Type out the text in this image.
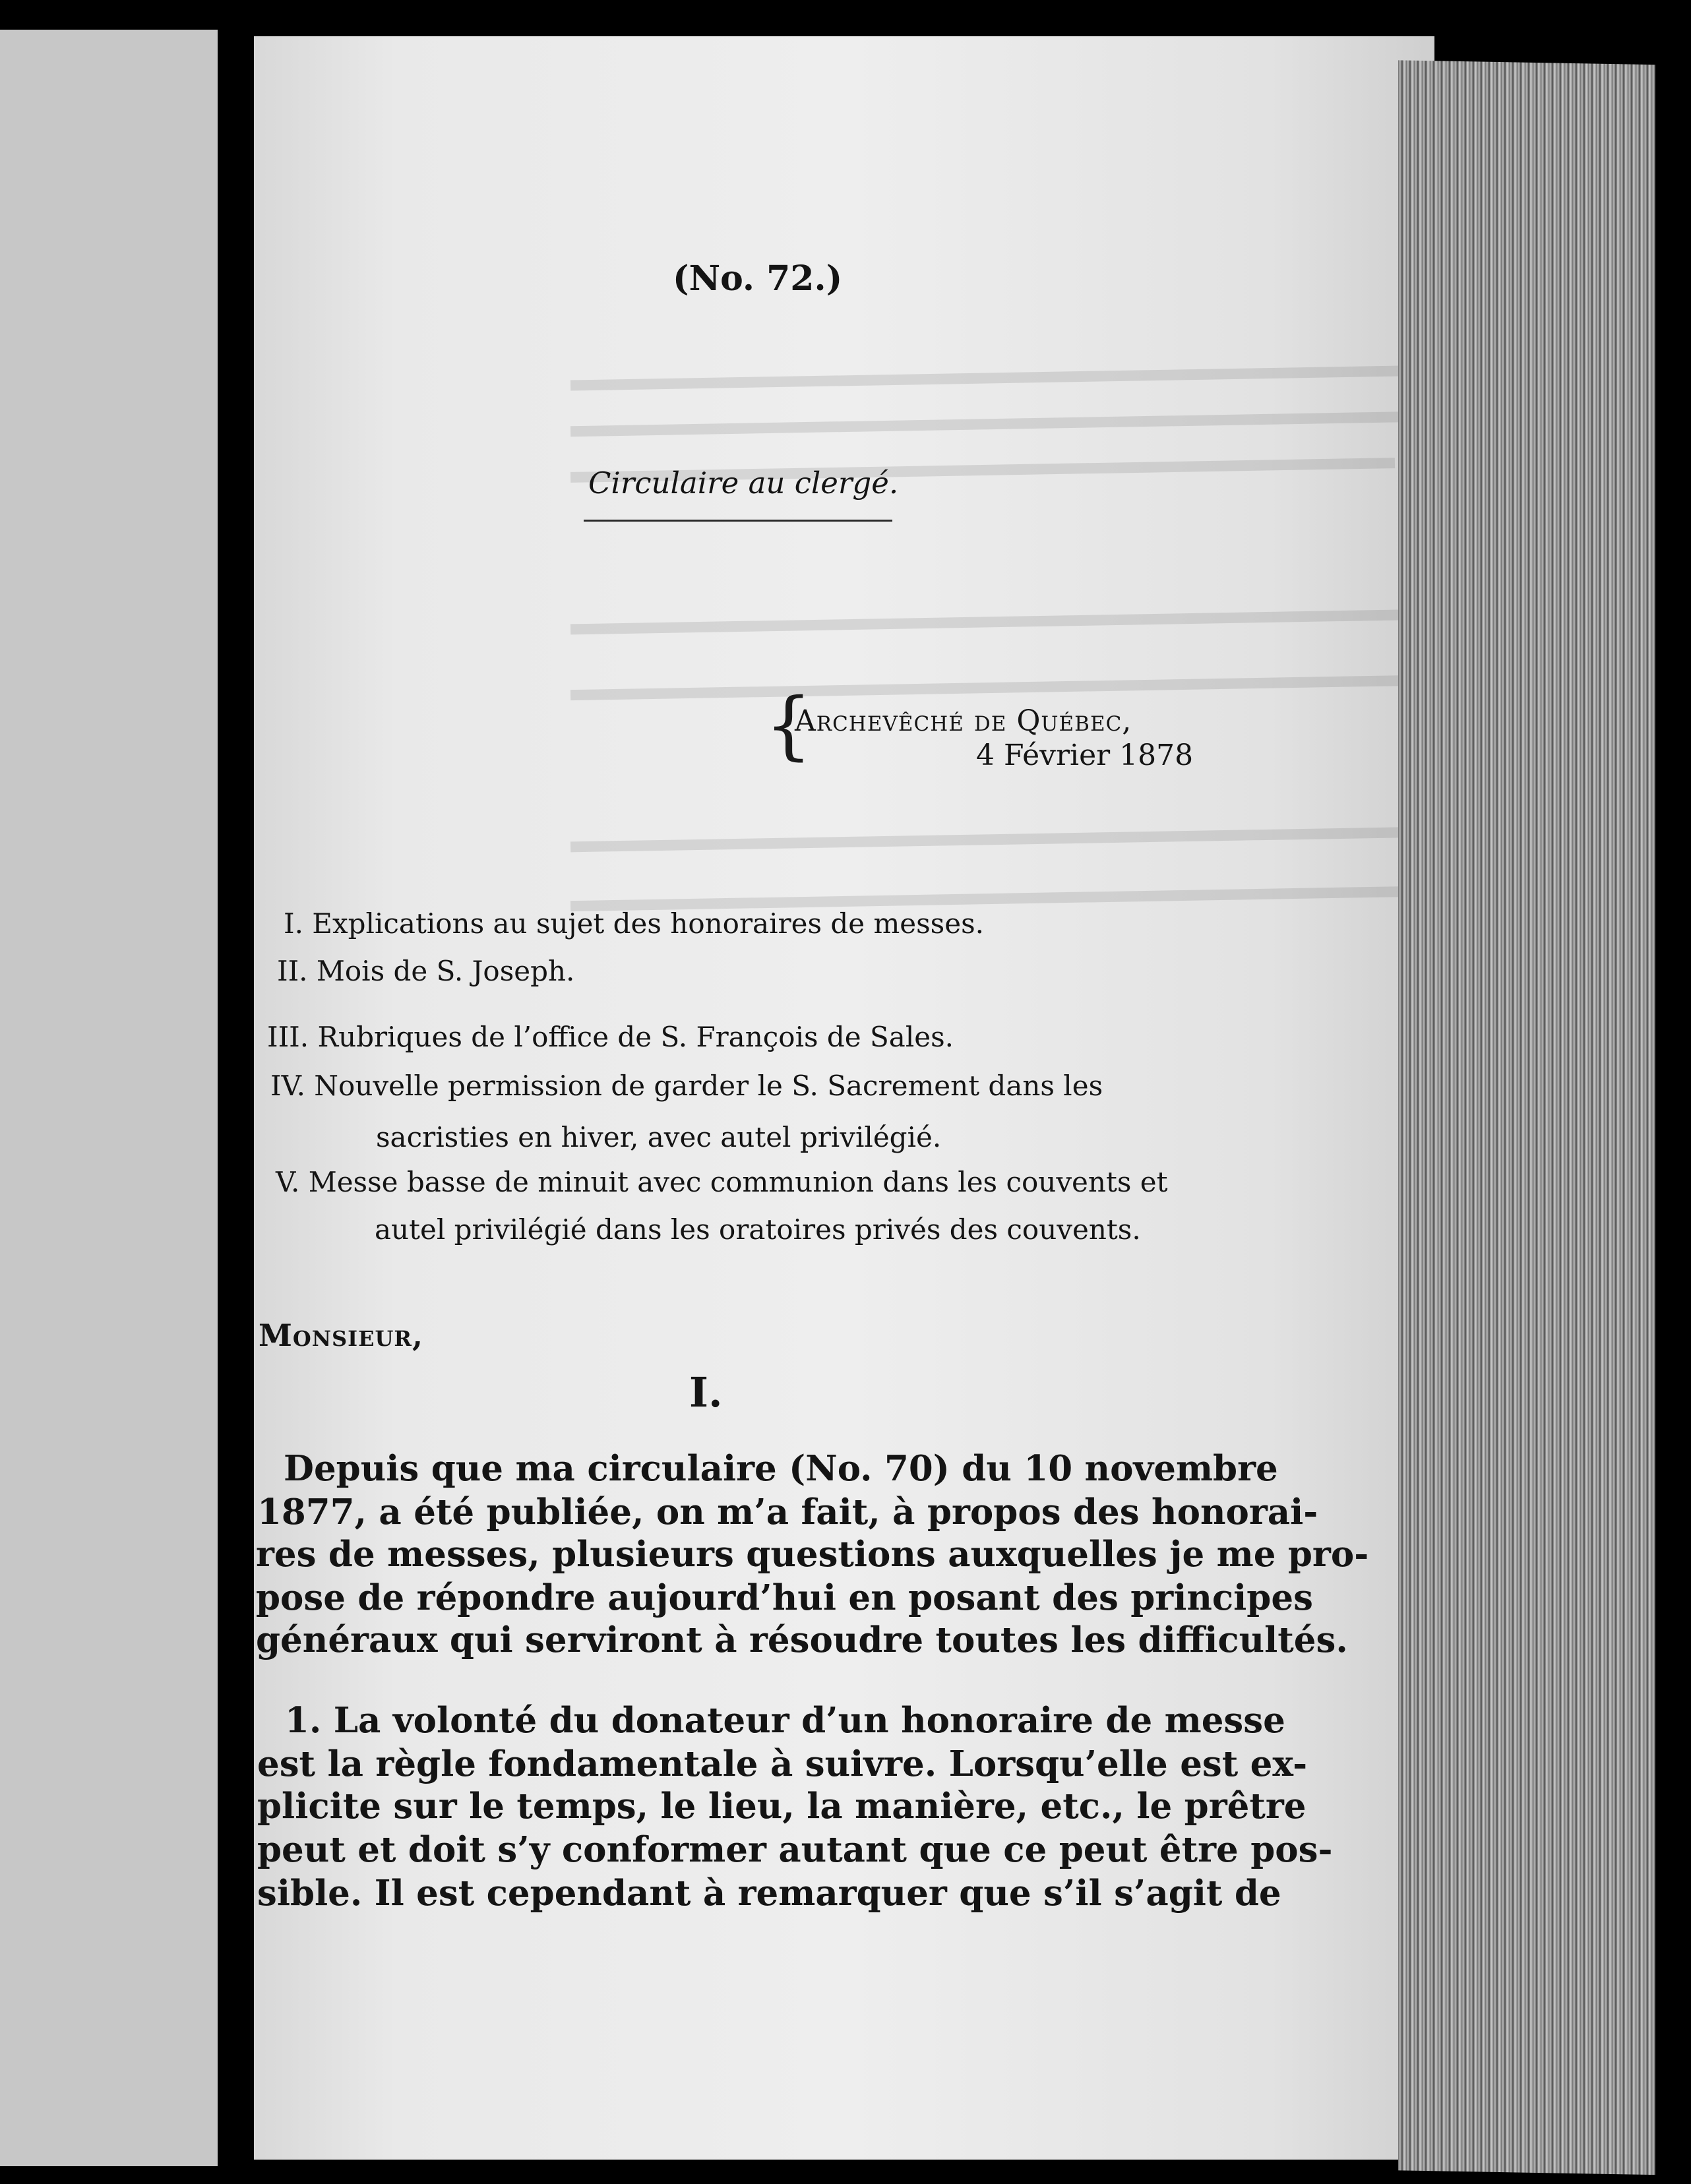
(No. 72.)
Circulaire au clergé.
{
Archevêché de Québec,
4 Février 1878
I. Explications au sujet des honoraires de messes.
II. Mois de S. Joseph.
III. Rubriques de l’office de S. François de Sales.
IV. Nouvelle permission de garder le S. Sacrement dans les
sacristies en hiver, avec autel privilégié.
V. Messe basse de minuit avec communion dans les couvents et
autel privilégié dans les oratoires privés des couvents.
Monsieur,
I.
Depuis que ma circulaire (No. 70) du 10 novembre
1877, a été publiée, on m’a fait, à propos des honorai-
res de messes, plusieurs questions auxquelles je me pro-
pose de répondre aujourd’hui en posant des principes
généraux qui serviront à résoudre toutes les difficultés.
1. La volonté du donateur d’un honoraire de messe
est la règle fondamentale à suivre. Lorsqu’elle est ex-
plicite sur le temps, le lieu, la manière, etc., le prêtre
peut et doit s’y conformer autant que ce peut être pos-
sible. Il est cependant à remarquer que s’il s’agit de
